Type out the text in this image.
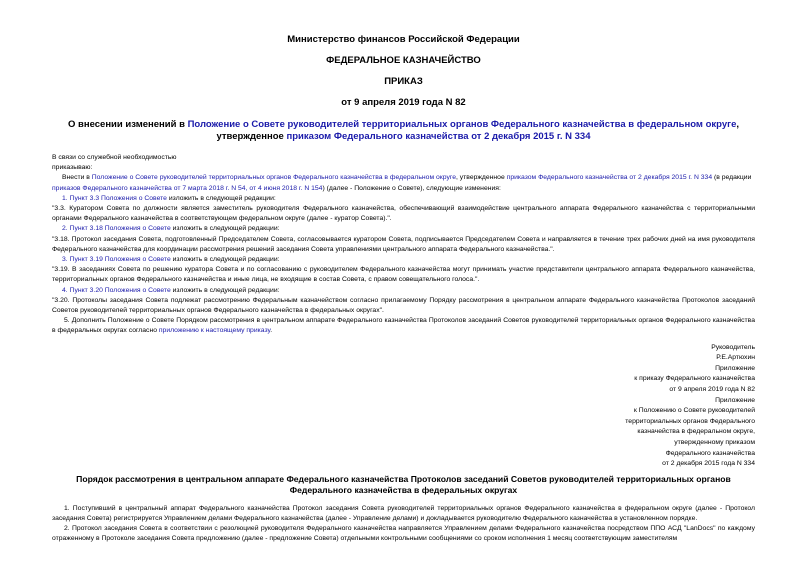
Министерство финансов Российской Федерации
ФЕДЕРАЛЬНОЕ КАЗНАЧЕЙСТВО
ПРИКАЗ
от 9 апреля 2019 года N 82
О внесении изменений в Положение о Совете руководителей территориальных органов Федерального казначейства в федеральном округе, утвержденное приказом Федерального казначейства от 2 декабря 2015 г. N 334

В связи со служебной необходимостью

приказываю:

Внести в Положение о Совете руководителей территориальных органов Федерального казначейства в федеральном округе, утвержденное приказом Федерального казначейства от 2 декабря 2015 г. N 334 (в редакции приказов Федерального казначейства от 7 марта 2018 г. N 54, от 4 июня 2018 г. N 154) (далее - Положение о Совете), следующие изменения:

1. Пункт 3.3 Положения о Совете изложить в следующей редакции:

"3.3. Куратором Совета по должности является заместитель руководителя Федерального казначейства, обеспечивающий взаимодействие центрального аппарата Федерального казначейства с территориальными органами Федерального казначейства в соответствующем федеральном округе (далее - куратор Совета).".

2. Пункт 3.18 Положения о Совете изложить в следующей редакции:

"3.18. Протокол заседания Совета, подготовленный Председателем Совета, согласовывается куратором Совета, подписывается Председателем Совета и направляется в течение трех рабочих дней на имя руководителя Федерального казначейства для координации рассмотрения решений заседания Совета управлениями центрального аппарата Федерального казначейства.".

3. Пункт 3.19 Положения о Совете изложить в следующей редакции:

"3.19. В заседаниях Совета по решению куратора Совета и по согласованию с руководителем Федерального казначейства могут принимать участие представители центрального аппарата Федерального казначейства, территориальных органов Федерального казначейства и иные лица, не входящие в состав Совета, с правом совещательного голоса.".

4. Пункт 3.20 Положения о Совете изложить в следующей редакции:

"3.20. Протоколы заседания Совета подлежат рассмотрению Федеральным казначейством согласно прилагаемому Порядку рассмотрения в центральном аппарате Федерального казначейства Протоколов заседаний Советов руководителей территориальных органов Федерального казначейства в федеральных округах".

5. Дополнить Положение о Совете Порядком рассмотрения в центральном аппарате Федерального казначейства Протоколов заседаний Советов руководителей территориальных органов Федерального казначейства в федеральных округах согласно приложению к настоящему приказу.

Руководитель
Р.Е.Артюхин
Приложение
к приказу Федерального казначейства
от 9 апреля 2019 года N 82
Приложение
к Положению о Совете руководителей
территориальных органов Федерального
казначейства в федеральном округе,
утвержденному приказом
Федерального казначейства
от 2 декабря 2015 года N 334
Порядок рассмотрения в центральном аппарате Федерального казначейства Протоколов заседаний Советов руководителей территориальных органов Федерального казначейства в федеральных округах

1. Поступивший в центральный аппарат Федерального казначейства Протокол заседания Совета руководителей территориальных органов Федерального казначейства в федеральном округе (далее - Протокол заседания Совета) регистрируется Управлением делами Федерального казначейства (далее - Управление делами) и докладывается руководителю Федерального казначейства в установленном порядке.

2. Протокол заседания Совета в соответствии с резолюцией руководителя Федерального казначейства направляется Управлением делами Федерального казначейства посредством ППО АСД "LanDocs" по каждому отраженному в Протоколе заседания Совета предложению (далее - предложение Совета) отдельными контрольными сообщениями со сроком исполнения 1 месяц соответствующим заместителям
